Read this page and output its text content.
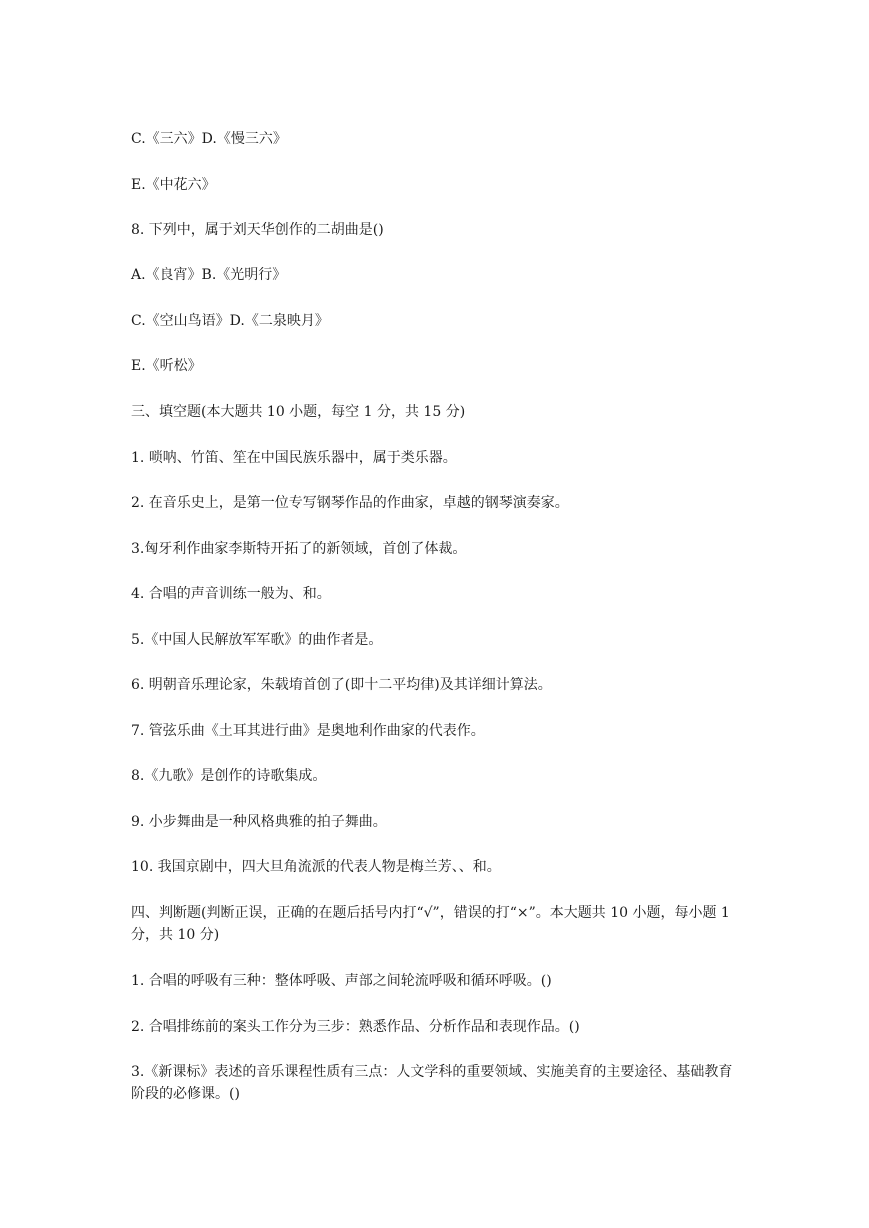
C.《三六》D.《慢三六》
E.《中花六》
8. 下列中，属于刘天华创作的二胡曲是()
A.《良宵》B.《光明行》
C.《空山鸟语》D.《二泉映月》
E.《听松》
三、填空题(本大题共 10 小题，每空 1 分，共 15 分)
1. 唢呐、竹笛、笙在中国民族乐器中，属于类乐器。
2. 在音乐史上，是第一位专写钢琴作品的作曲家，卓越的钢琴演奏家。
3.匈牙利作曲家李斯特开拓了的新领域，首创了体裁。
4. 合唱的声音训练一般为、和。
5.《中国人民解放军军歌》的曲作者是。
6. 明朝音乐理论家，朱载堉首创了(即十二平均律)及其详细计算法。
7. 管弦乐曲《土耳其进行曲》是奥地利作曲家的代表作。
8.《九歌》是创作的诗歌集成。
9. 小步舞曲是一种风格典雅的拍子舞曲。
10. 我国京剧中，四大旦角流派的代表人物是梅兰芳、、和。
四、判断题(判断正误，正确的在题后括号内打“√”，错误的打“×”。本大题共 10 小题，每小题 1 分，共 10 分)
1. 合唱的呼吸有三种：整体呼吸、声部之间轮流呼吸和循环呼吸。()
2. 合唱排练前的案头工作分为三步：熟悉作品、分析作品和表现作品。()
3.《新课标》表述的音乐课程性质有三点：人文学科的重要领域、实施美育的主要途径、基础教育阶段的必修课。()
